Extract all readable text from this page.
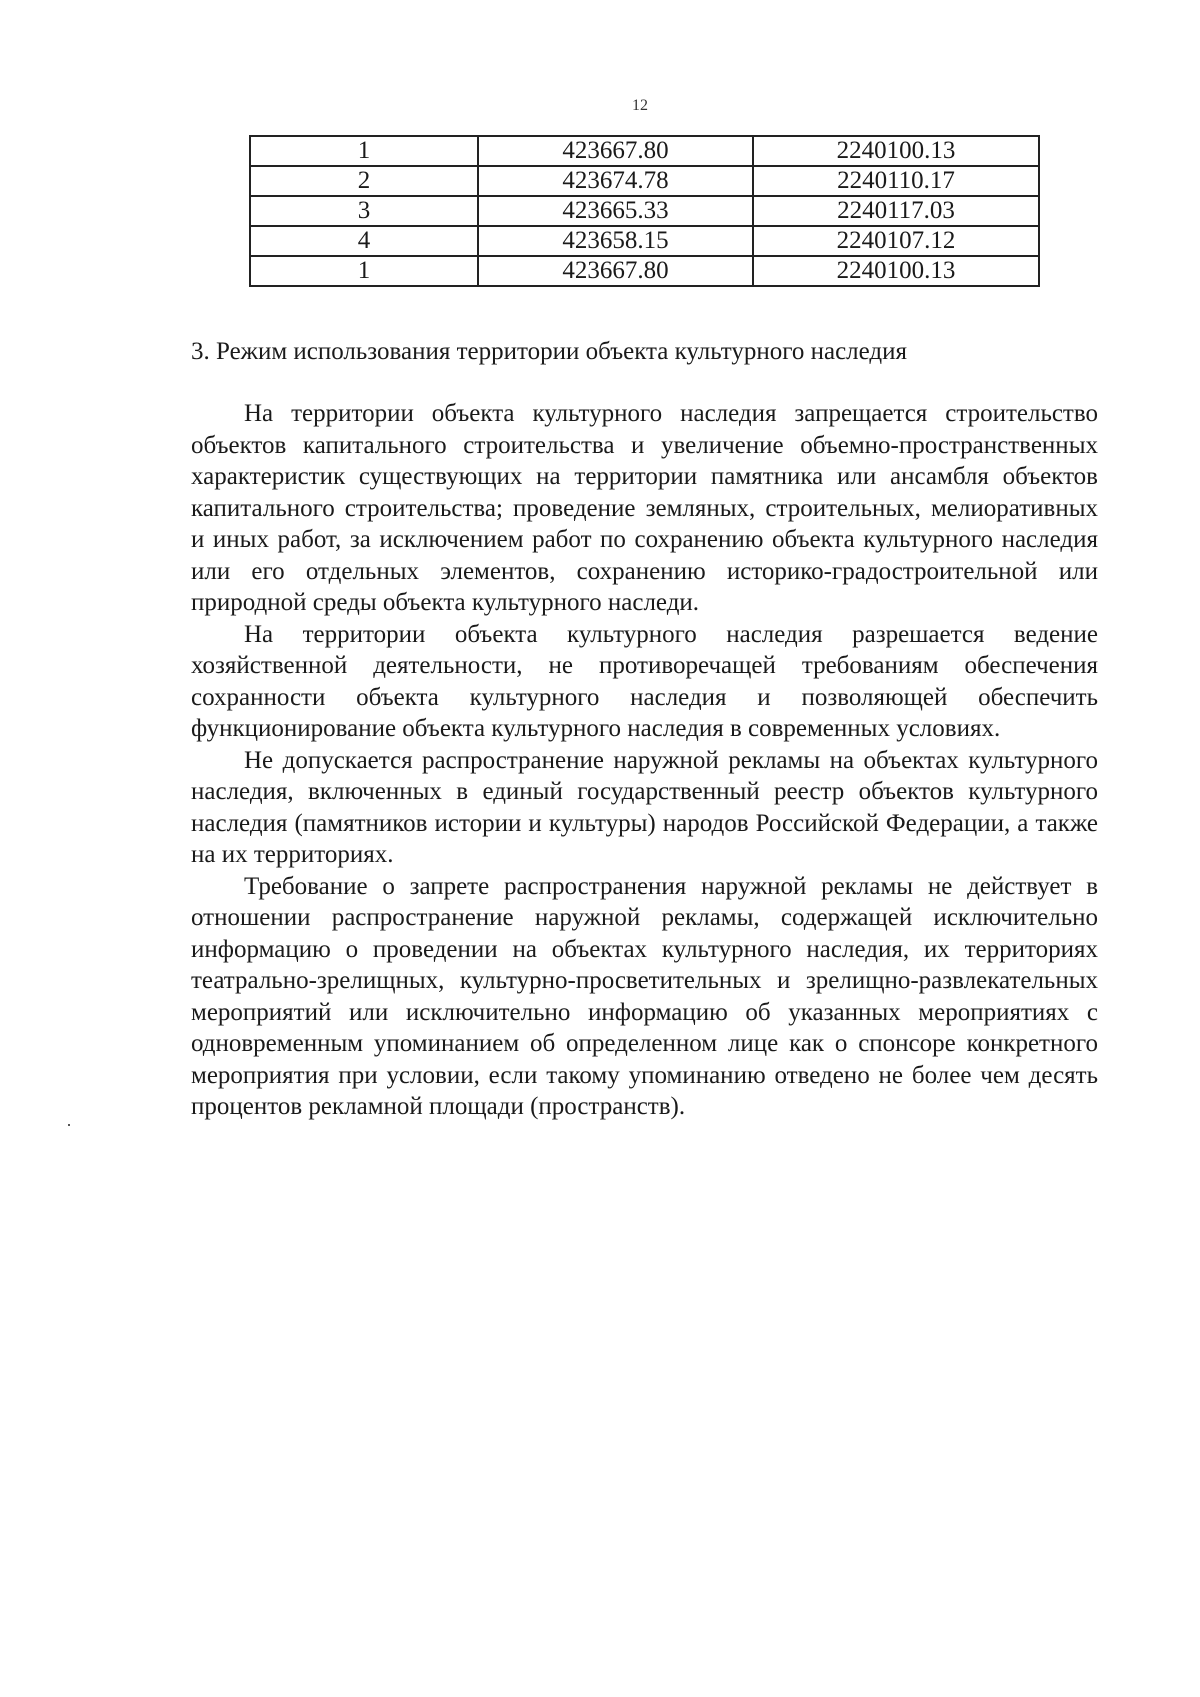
12
1	423667.80	2240100.13
2	423674.78	2240110.17
3	423665.33	2240117.03
4	423658.15	2240107.12
1	423667.80	2240100.13
3. Режим использования территории объекта культурного наследия

На территории объекта культурного наследия запрещается строительство объектов капитального строительства и увеличение объемно-пространственных характеристик существующих на территории памятника или ансамбля объектов капитального строительства; проведение земляных, строительных, мелиоративных и иных работ, за исключением работ по сохранению объекта культурного наследия или его отдельных элементов, сохранению историко-градостроительной или природной среды объекта культурного наследи.

На территории объекта культурного наследия разрешается ведение хозяйственной деятельности, не противоречащей требованиям обеспечения сохранности объекта культурного наследия и позволяющей обеспечить функционирование объекта культурного наследия в современных условиях.

Не допускается распространение наружной рекламы на объектах культурного наследия, включенных в единый государственный реестр объектов культурного наследия (памятников истории и культуры) народов Российской Федерации, а также на их территориях.

Требование о запрете распространения наружной рекламы не действует в отношении распространение наружной рекламы, содержащей исключительно информацию о проведении на объектах культурного наследия, их территориях театрально-зрелищных, культурно-просветительных и зрелищно-развлекательных мероприятий или исключительно информацию об указанных мероприятиях с одновременным упоминанием об определенном лице как о спонсоре конкретного мероприятия при условии, если такому упоминанию отведено не более чем десять процентов рекламной площади (пространств).
